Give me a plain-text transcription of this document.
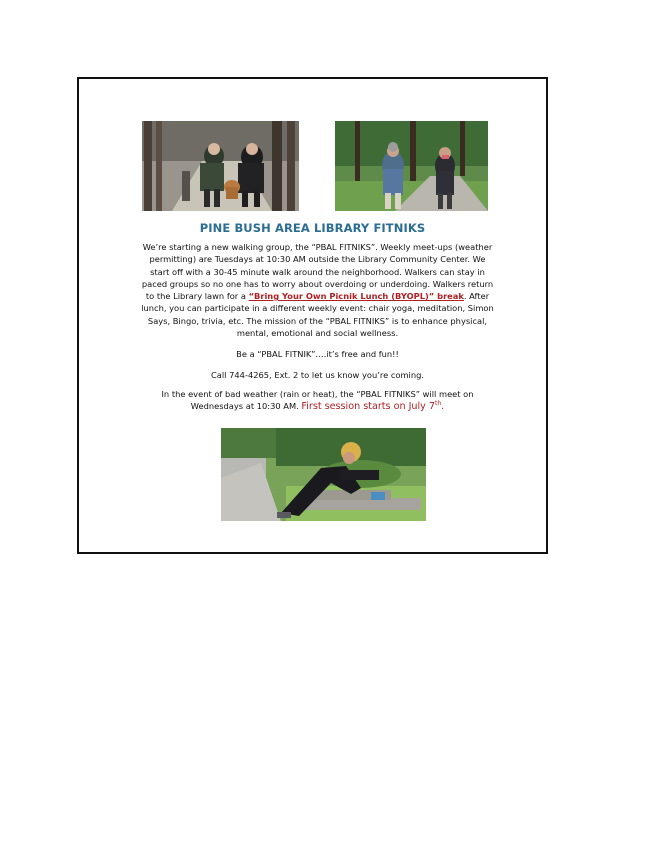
PINE BUSH AREA LIBRARY FITNIKS

We’re starting a new walking group, the “PBAL FITNIKS”. Weekly meet-ups (weather permitting) are Tuesdays at 10:30 AM outside the Library Community Center. We start off with a 30-45 minute walk around the neighborhood. Walkers can stay in paced groups so no one has to worry about overdoing or underdoing. Walkers return to the Library lawn for a “Bring Your Own Picnik Lunch (BYOPL)” break. After lunch, you can participate in a different weekly event: chair yoga, meditation, Simon Says, Bingo, trivia, etc. The mission of the “PBAL FITNIKS” is to enhance physical, mental, emotional and social wellness.

Be a “PBAL FITNIK”….it’s free and fun!!

Call 744-4265, Ext. 2 to let us know you’re coming.

In the event of bad weather (rain or heat), the “PBAL FITNIKS” will meet on Wednesdays at 10:30 AM. First session starts on July 7th.
